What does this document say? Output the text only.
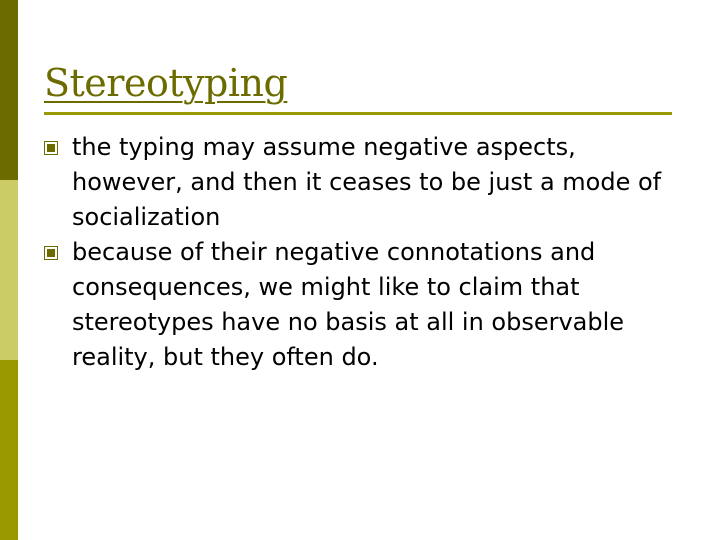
Stereotyping
the typing may assume negative aspects, however, and then it ceases to be just a mode of socialization
because of their negative connotations and consequences, we might like to claim that stereotypes have no basis at all in observable reality, but they often do.
